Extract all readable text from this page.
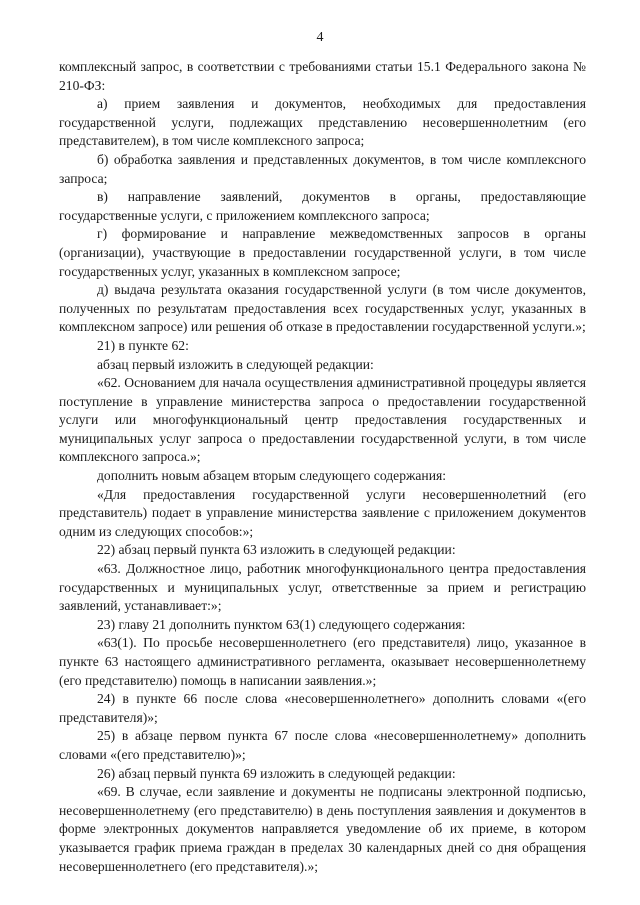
4

комплексный запрос, в соответствии с требованиями статьи 15.1 Федерального закона № 210-ФЗ:

а) прием заявления и документов, необходимых для предоставления государственной услуги, подлежащих представлению несовершеннолетним (его представителем), в том числе комплексного запроса;

б) обработка заявления и представленных документов, в том числе комплексного запроса;

в) направление заявлений, документов в органы, предоставляющие государственные услуги, с приложением комплексного запроса;

г) формирование и направление межведомственных запросов в органы (организации), участвующие в предоставлении государственной услуги, в том числе государственных услуг, указанных в комплексном запросе;

д) выдача результата оказания государственной услуги (в том числе документов, полученных по результатам предоставления всех государственных услуг, указанных в комплексном запросе) или решения об отказе в предоставлении государственной услуги.»;

21) в пункте 62:

абзац первый изложить в следующей редакции:

«62. Основанием для начала осуществления административной процедуры является поступление в управление министерства запроса о предоставлении государственной услуги или многофункциональный центр предоставления государственных и муниципальных услуг запроса о предоставлении государственной услуги, в том числе комплексного запроса.»;

дополнить новым абзацем вторым следующего содержания:

«Для предоставления государственной услуги несовершеннолетний (его представитель) подает в управление министерства заявление с приложением документов одним из следующих способов:»;

22) абзац первый пункта 63 изложить в следующей редакции:

«63. Должностное лицо, работник многофункционального центра предоставления государственных и муниципальных услуг, ответственные за прием и регистрацию заявлений, устанавливает:»;

23) главу 21 дополнить пунктом 63(1) следующего содержания:

«63(1). По просьбе несовершеннолетнего (его представителя) лицо, указанное в пункте 63 настоящего административного регламента, оказывает несовершеннолетнему (его представителю) помощь в написании заявления.»;

24) в пункте 66 после слова «несовершеннолетнего» дополнить словами «(его представителя)»;

25) в абзаце первом пункта 67 после слова «несовершеннолетнему» дополнить словами «(его представителю)»;

26) абзац первый пункта 69 изложить в следующей редакции:

«69. В случае, если заявление и документы не подписаны электронной подписью, несовершеннолетнему (его представителю) в день поступления заявления и документов в форме электронных документов направляется уведомление об их приеме, в котором указывается график приема граждан в пределах 30 календарных дней со дня обращения несовершеннолетнего (его представителя).»;
